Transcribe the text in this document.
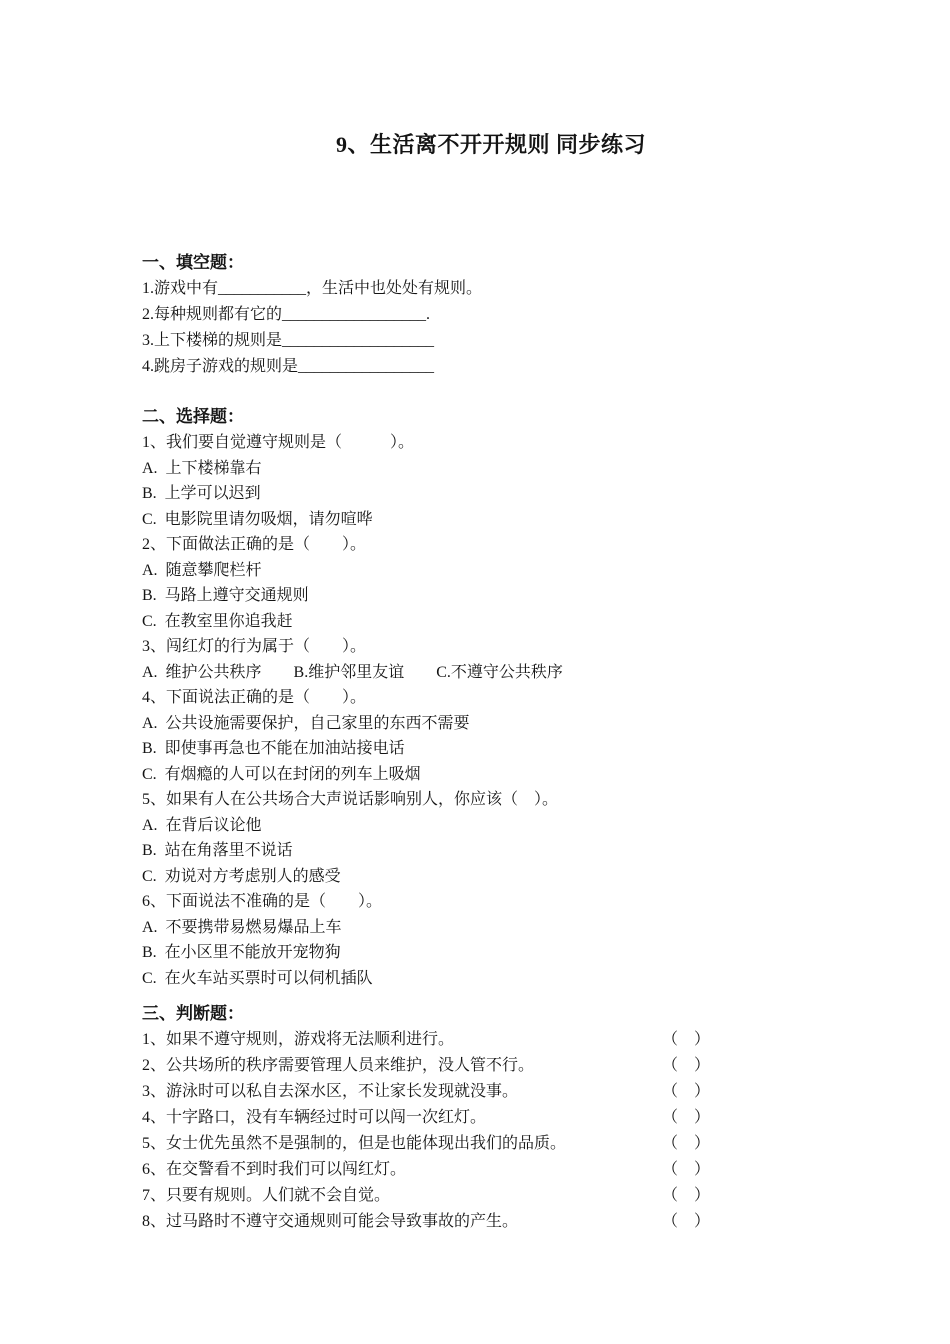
9、生活离不开开规则 同步练习
一、填空题：

1.游戏中有___________，生活中也处处有规则。

2.每种规则都有它的__________________.

3.上下楼梯的规则是___________________

4.跳房子游戏的规则是_________________

二、选择题：

1、我们要自觉遵守规则是（　　　）。

A.  上下楼梯靠右

B.  上学可以迟到

C.  电影院里请勿吸烟，请勿喧哗

2、下面做法正确的是（　　）。

A.  随意攀爬栏杆

B.  马路上遵守交通规则

C.  在教室里你追我赶

3、闯红灯的行为属于（　　）。

A.  维护公共秩序　　B.维护邻里友谊　　C.不遵守公共秩序

4、下面说法正确的是（　　）。

A.  公共设施需要保护，自己家里的东西不需要

B.  即使事再急也不能在加油站接电话

C.  有烟瘾的人可以在封闭的列车上吸烟

5、如果有人在公共场合大声说话影响别人，你应该（　）。

A.  在背后议论他

B.  站在角落里不说话

C.  劝说对方考虑别人的感受

6、下面说法不准确的是（　　）。

A.  不要携带易燃易爆品上车

B.  在小区里不能放开宠物狗

C.  在火车站买票时可以伺机插队

三、判断题：
1、如果不遵守规则，游戏将无法顺利进行。	（　）
2、公共场所的秩序需要管理人员来维护，没人管不行。	（　）
3、游泳时可以私自去深水区，不让家长发现就没事。	（　）
4、十字路口，没有车辆经过时可以闯一次红灯。	（　）
5、女士优先虽然不是强制的，但是也能体现出我们的品质。	（　）
6、在交警看不到时我们可以闯红灯。	（　）
7、只要有规则。人们就不会自觉。	（　）
8、过马路时不遵守交通规则可能会导致事故的产生。	（　）
